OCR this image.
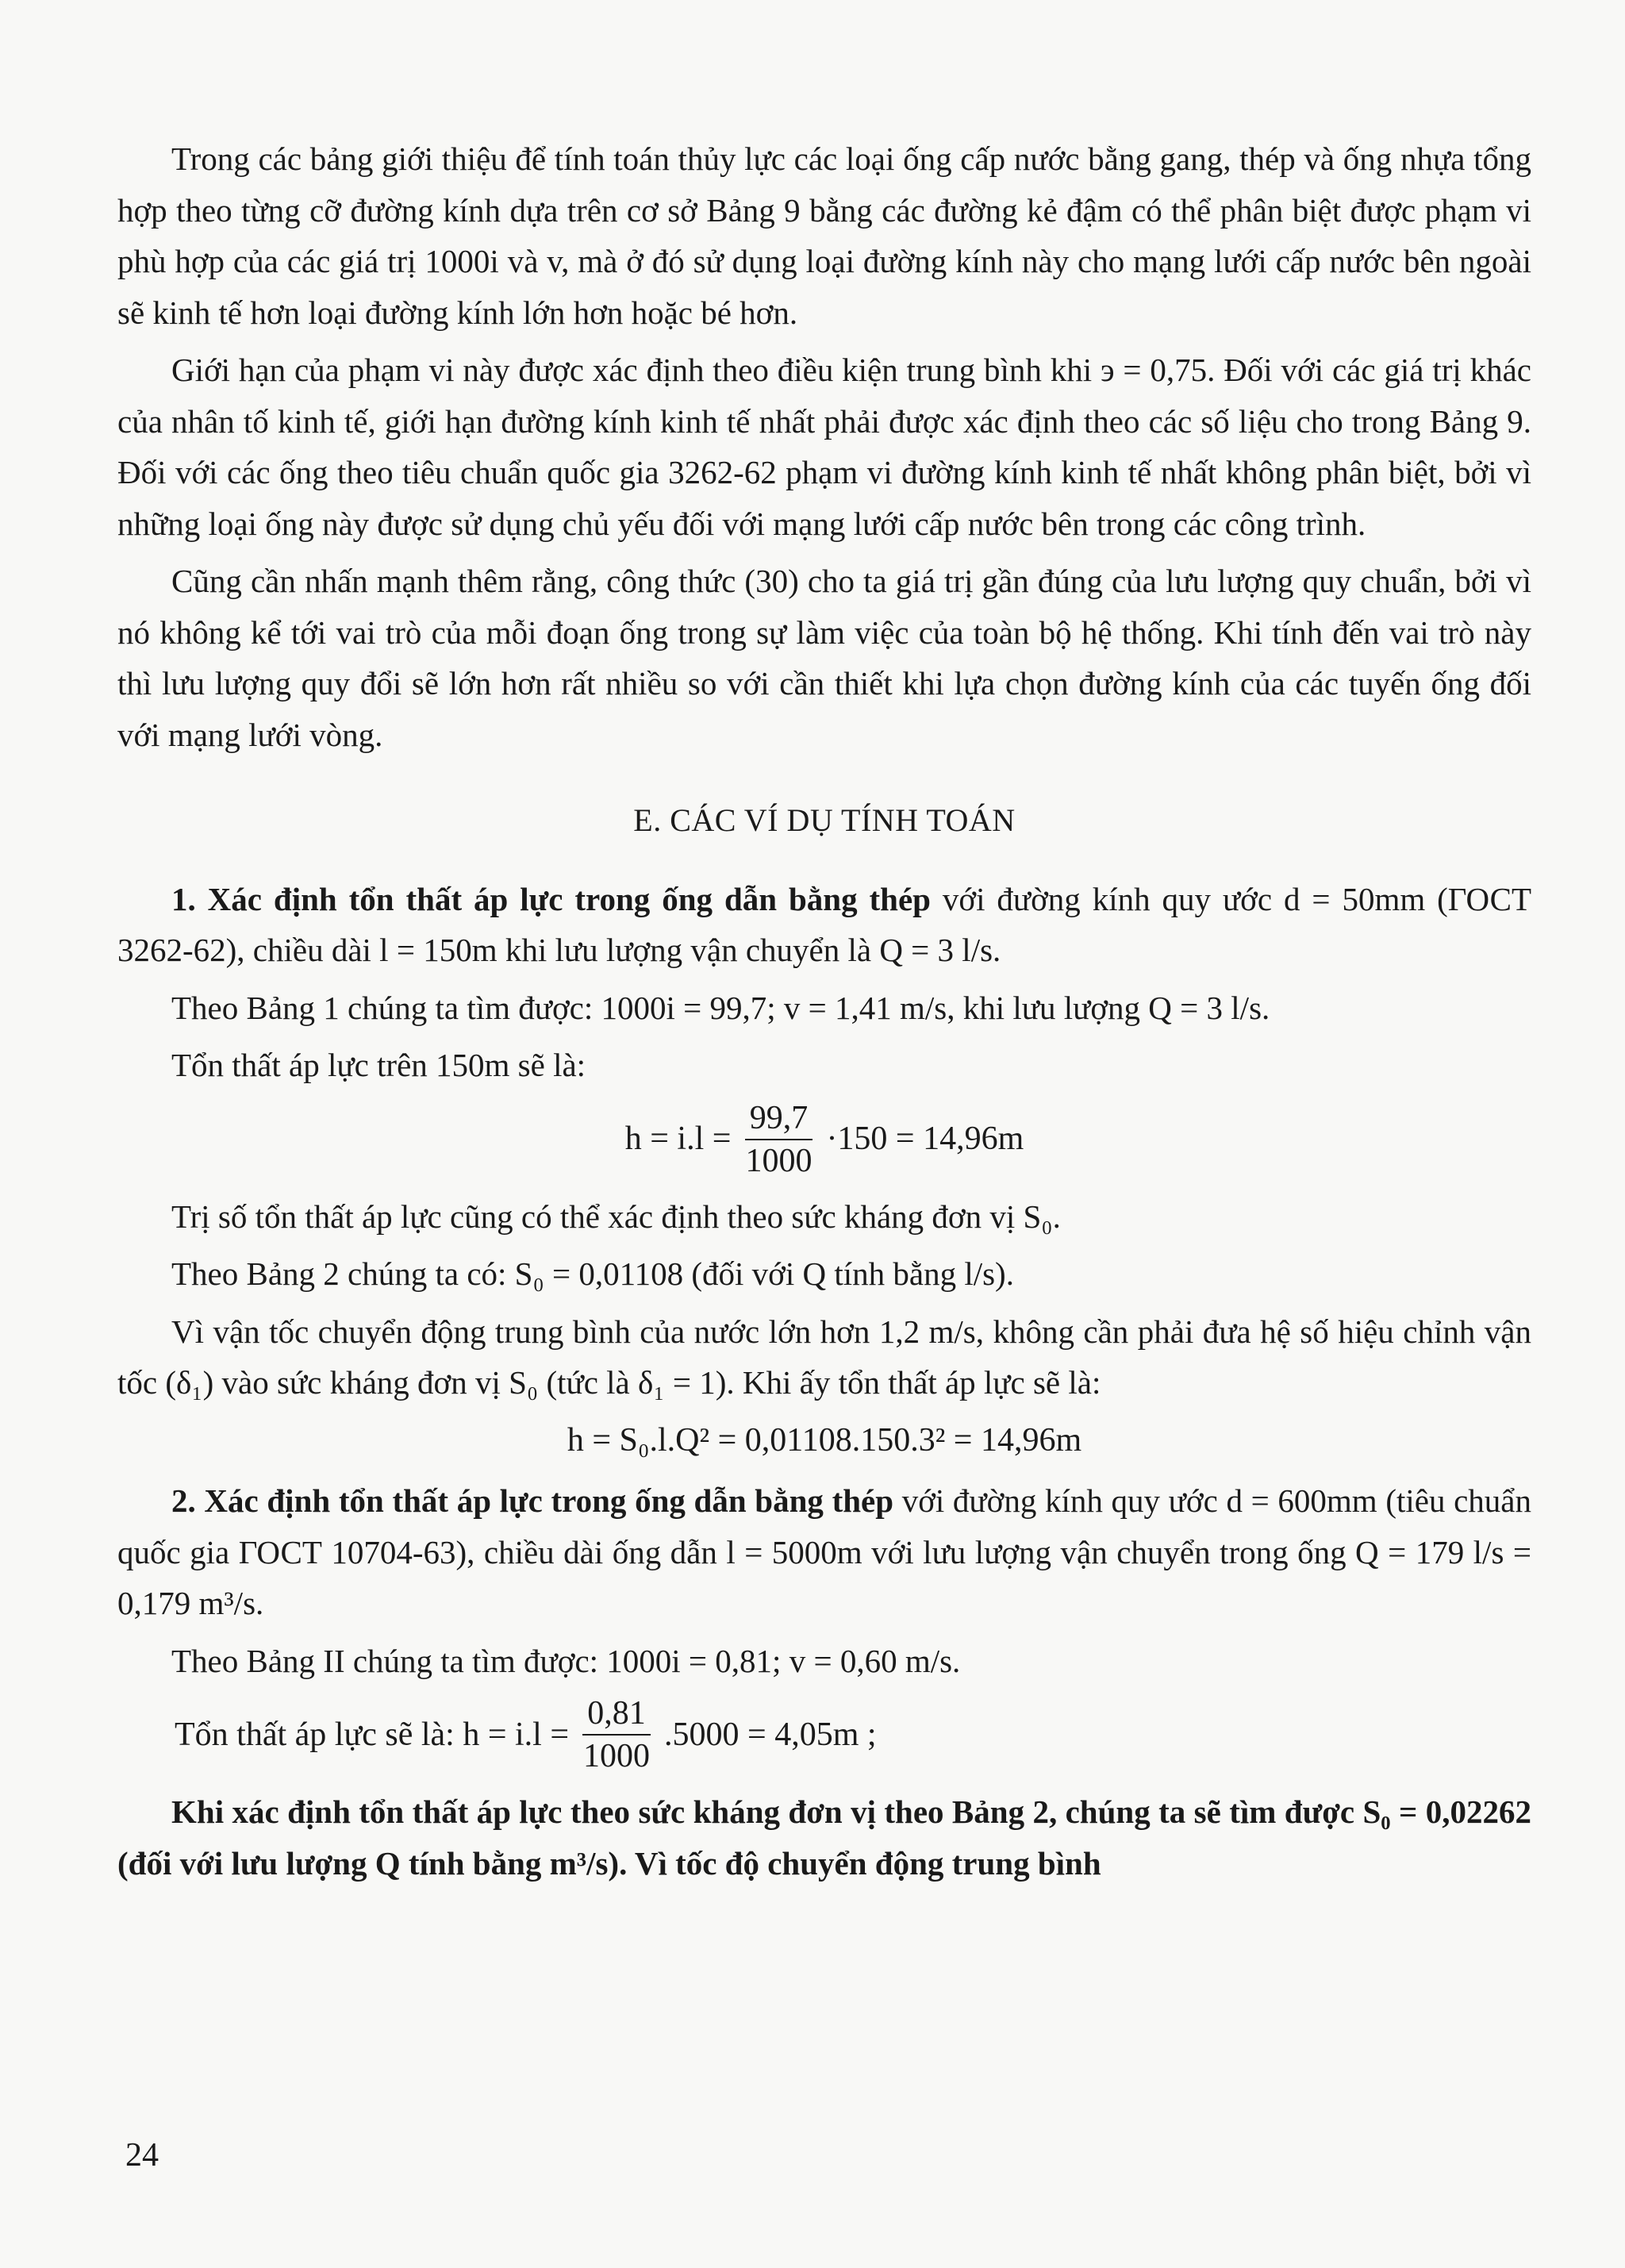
Trong các bảng giới thiệu để tính toán thủy lực các loại ống cấp nước bằng gang, thép và ống nhựa tổng hợp theo từng cỡ đường kính dựa trên cơ sở Bảng 9 bằng các đường kẻ đậm có thể phân biệt được phạm vi phù hợp của các giá trị 1000i và v, mà ở đó sử dụng loại đường kính này cho mạng lưới cấp nước bên ngoài sẽ kinh tế hơn loại đường kính lớn hơn hoặc bé hơn.

Giới hạn của phạm vi này được xác định theo điều kiện trung bình khi э = 0,75. Đối với các giá trị khác của nhân tố kinh tế, giới hạn đường kính kinh tế nhất phải được xác định theo các số liệu cho trong Bảng 9. Đối với các ống theo tiêu chuẩn quốc gia 3262-62 phạm vi đường kính kinh tế nhất không phân biệt, bởi vì những loại ống này được sử dụng chủ yếu đối với mạng lưới cấp nước bên trong các công trình.

Cũng cần nhấn mạnh thêm rằng, công thức (30) cho ta giá trị gần đúng của lưu lượng quy chuẩn, bởi vì nó không kể tới vai trò của mỗi đoạn ống trong sự làm việc của toàn bộ hệ thống. Khi tính đến vai trò này thì lưu lượng quy đổi sẽ lớn hơn rất nhiều so với cần thiết khi lựa chọn đường kính của các tuyến ống đối với mạng lưới vòng.

E. CÁC VÍ DỤ TÍNH TOÁN

1. Xác định tổn thất áp lực trong ống dẫn bằng thép với đường kính quy ước d = 50mm (ГОСТ 3262-62), chiều dài l = 150m khi lưu lượng vận chuyển là Q = 3 l/s.

Theo Bảng 1 chúng ta tìm được: 1000i = 99,7; v = 1,41 m/s, khi lưu lượng Q = 3 l/s.

Tổn thất áp lực trên 150m sẽ là:

$h = i.l = \frac{99,7}{1000} \cdot 150 = 14,96m$

Trị số tổn thất áp lực cũng có thể xác định theo sức kháng đơn vị S₀.

Theo Bảng 2 chúng ta có: S₀ = 0,01108 (đối với Q tính bằng l/s).

Vì vận tốc chuyển động trung bình của nước lớn hơn 1,2 m/s, không cần phải đưa hệ số hiệu chỉnh vận tốc (δ₁) vào sức kháng đơn vị S₀ (tức là δ₁ = 1). Khi ấy tổn thất áp lực sẽ là:

h = S₀.l.Q² = 0,01108.150.3² = 14,96m

2. Xác định tổn thất áp lực trong ống dẫn bằng thép với đường kính quy ước d = 600mm (tiêu chuẩn quốc gia ГОСТ 10704-63), chiều dài ống dẫn l = 5000m với lưu lượng vận chuyển trong ống Q = 179 l/s = 0,179 m³/s.

Theo Bảng II chúng ta tìm được: 1000i = 0,81; v = 0,60 m/s.

Tổn thất áp lực sẽ là: $h = i.l = \frac{0,81}{1000} .5000 = 4,05m$ ;

Khi xác định tổn thất áp lực theo sức kháng đơn vị theo Bảng 2, chúng ta sẽ tìm được S₀ = 0,02262 (đối với lưu lượng Q tính bằng m³/s). Vì tốc độ chuyển động trung bình

24
